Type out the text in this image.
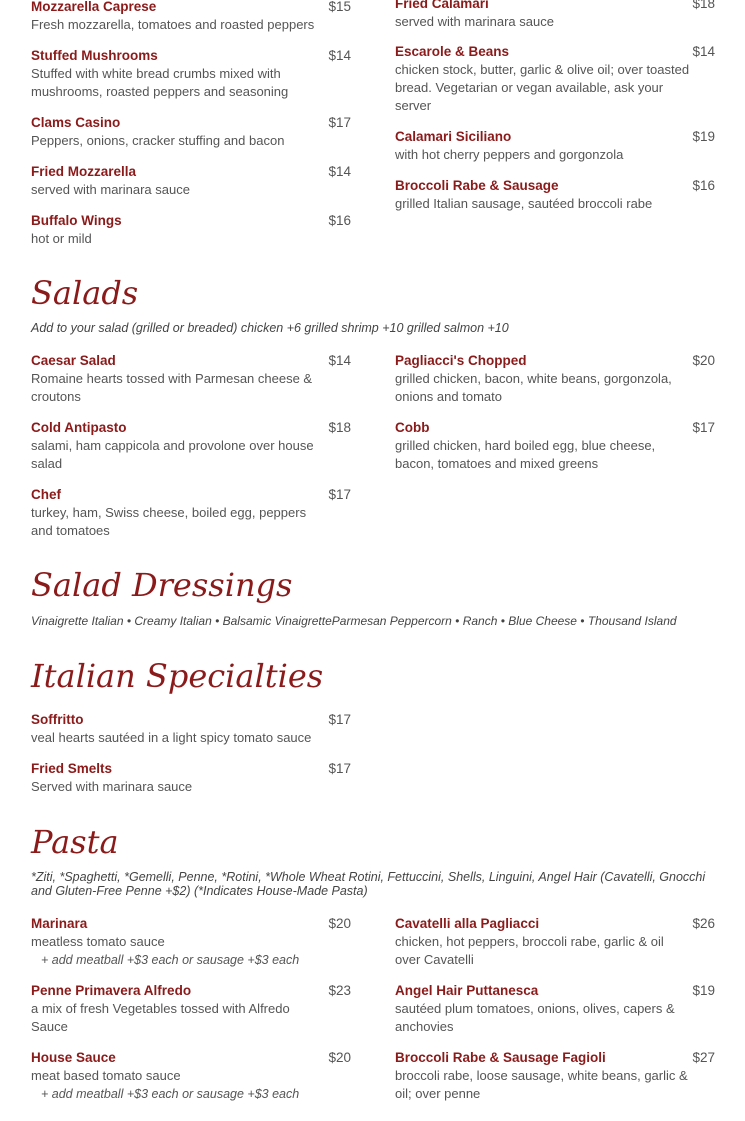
Mozzarella Caprese	$15
Fresh mozzarella, tomatoes and roasted peppers
Stuffed Mushrooms	$14
Stuffed with white bread crumbs mixed with mushrooms, roasted peppers and seasoning
Clams Casino	$17
Peppers, onions, cracker stuffing and bacon
Fried Mozzarella	$14
served with marinara sauce
Buffalo Wings	$16
hot or mild
Fried Calamari	$18
served with marinara sauce
Escarole & Beans	$14
chicken stock, butter, garlic & olive oil; over toasted bread. Vegetarian or vegan available, ask your server
Calamari Siciliano	$19
with hot cherry peppers and gorgonzola
Broccoli Rabe & Sausage	$16
grilled Italian sausage, sautéed broccoli rabe
Salads
Add to your salad (grilled or breaded) chicken +6 grilled shrimp +10 grilled salmon +10
Caesar Salad	$14
Romaine hearts tossed with Parmesan cheese & croutons
Cold Antipasto	$18
salami, ham cappicola and provolone over house salad
Chef	$17
turkey, ham, Swiss cheese, boiled egg, peppers and tomatoes
Pagliacci's Chopped	$20
grilled chicken, bacon, white beans, gorgonzola, onions and tomato
Cobb	$17
grilled chicken, hard boiled egg, blue cheese, bacon, tomatoes and mixed greens
Salad Dressings
Vinaigrette Italian • Creamy Italian • Balsamic VinaigretteParmesan Peppercorn • Ranch • Blue Cheese • Thousand Island
Italian Specialties
Soffritto	$17
veal hearts sautéed in a light spicy tomato sauce
Fried Smelts	$17
Served with marinara sauce
Pasta
*Ziti, *Spaghetti, *Gemelli, Penne, *Rotini, *Whole Wheat Rotini, Fettuccini, Shells, Linguini, Angel Hair (Cavatelli, Gnocchi and Gluten-Free Penne +$2) (*Indicates House-Made Pasta)
Marinara	$20
meatless tomato sauce
+ add meatball +$3 each or sausage +$3 each
Penne Primavera Alfredo	$23
a mix of fresh Vegetables tossed with Alfredo Sauce
House Sauce	$20
meat based tomato sauce
+ add meatball +$3 each or sausage +$3 each
Cavatelli alla Pagliacci	$26
chicken, hot peppers, broccoli rabe, garlic & oil over Cavatelli
Angel Hair Puttanesca	$19
sautéed plum tomatoes, onions, olives, capers & anchovies
Broccoli Rabe & Sausage Fagioli	$27
broccoli rabe, loose sausage, white beans, garlic & oil; over penne
